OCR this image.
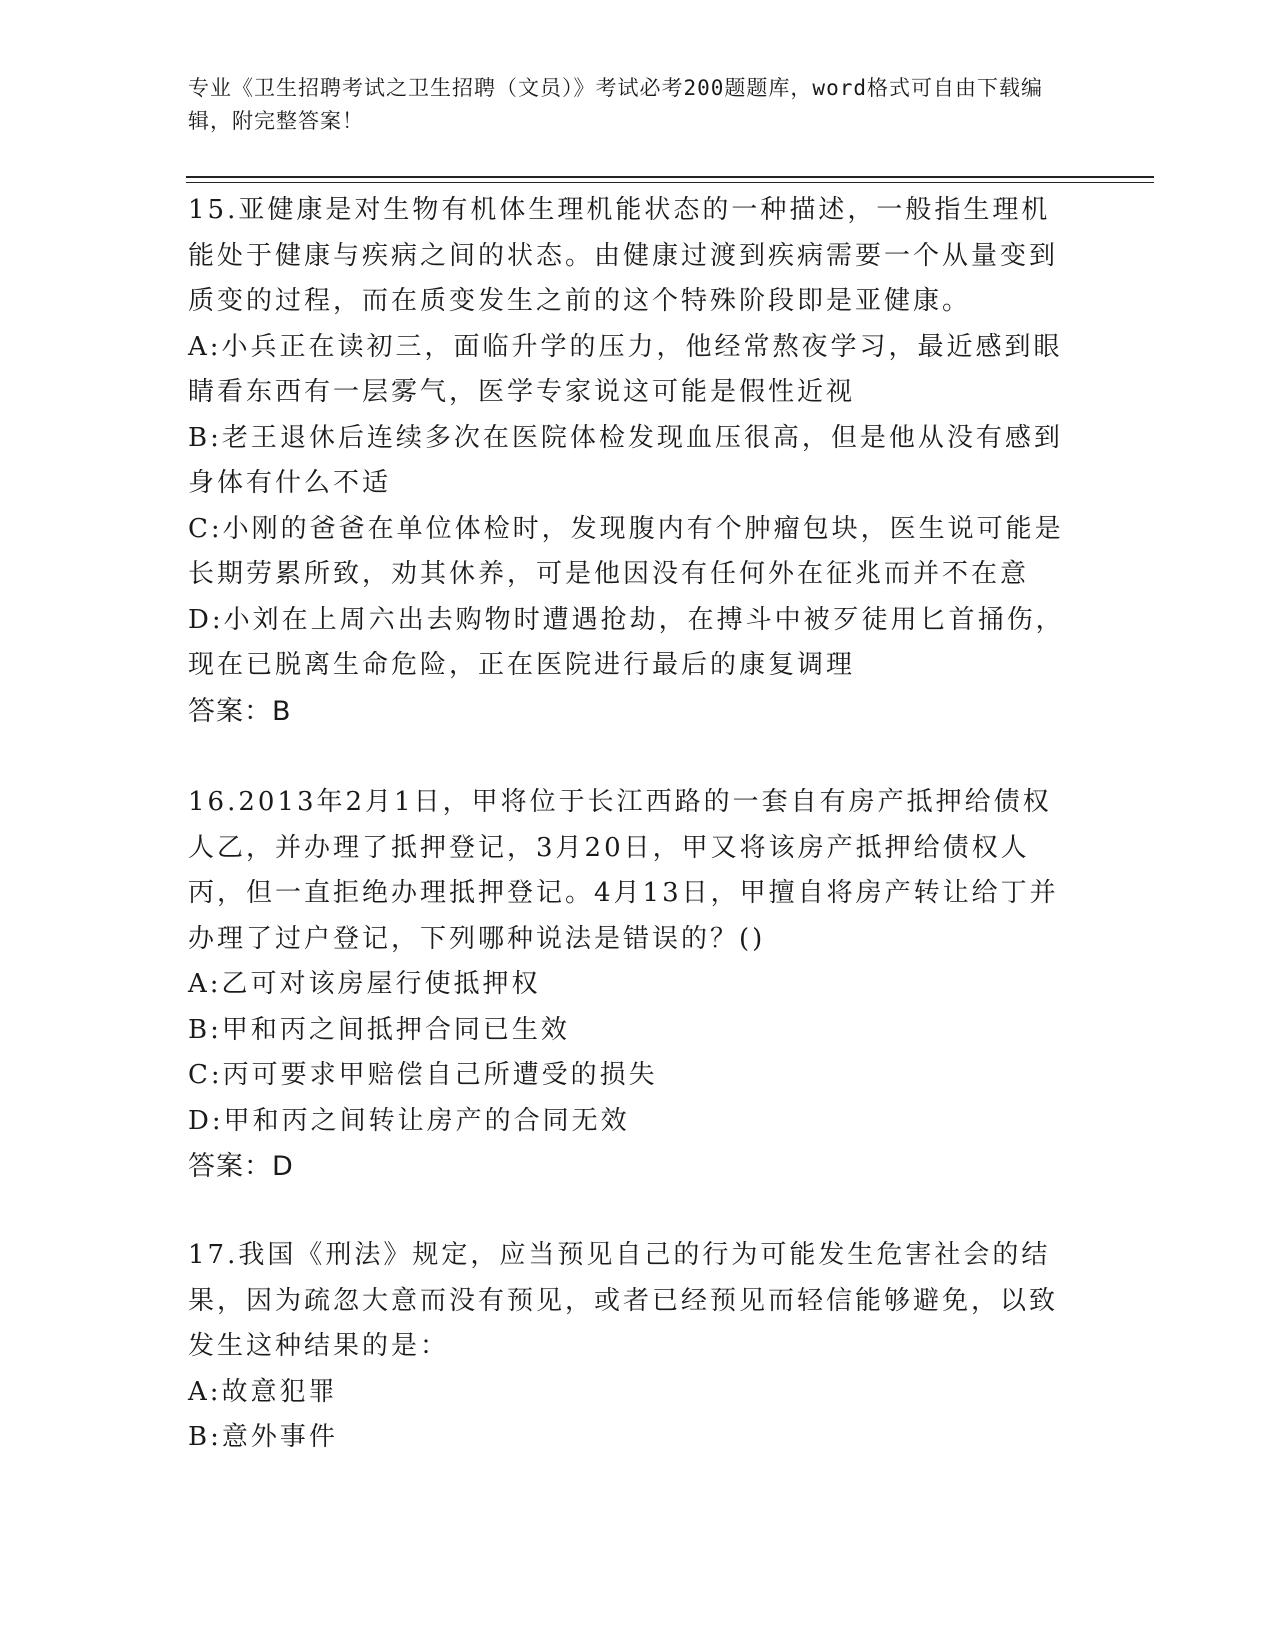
专业《卫生招聘考试之卫生招聘（文员）》考试必考200题题库，word格式可自由下载编辑，附完整答案！

15.亚健康是对生物有机体生理机能状态的一种描述，一般指生理机能处于健康与疾病之间的状态。由健康过渡到疾病需要一个从量变到质变的过程，而在质变发生之前的这个特殊阶段即是亚健康。

A:小兵正在读初三，面临升学的压力，他经常熬夜学习，最近感到眼睛看东西有一层雾气，医学专家说这可能是假性近视

B:老王退休后连续多次在医院体检发现血压很高，但是他从没有感到身体有什么不适

C:小刚的爸爸在单位体检时，发现腹内有个肿瘤包块，医生说可能是长期劳累所致，劝其休养，可是他因没有任何外在征兆而并不在意

D:小刘在上周六出去购物时遭遇抢劫，在搏斗中被歹徒用匕首捅伤，现在已脱离生命危险，正在医院进行最后的康复调理

答案：B

16.2013年2月1日，甲将位于长江西路的一套自有房产抵押给债权人乙，并办理了抵押登记，3月20日，甲又将该房产抵押给债权人丙，但一直拒绝办理抵押登记。4月13日，甲擅自将房产转让给丁并办理了过户登记，下列哪种说法是错误的？()

A:乙可对该房屋行使抵押权

B:甲和丙之间抵押合同已生效

C:丙可要求甲赔偿自己所遭受的损失

D:甲和丙之间转让房产的合同无效

答案：D

17.我国《刑法》规定，应当预见自己的行为可能发生危害社会的结果，因为疏忽大意而没有预见，或者已经预见而轻信能够避免，以致发生这种结果的是：

A:故意犯罪

B:意外事件
